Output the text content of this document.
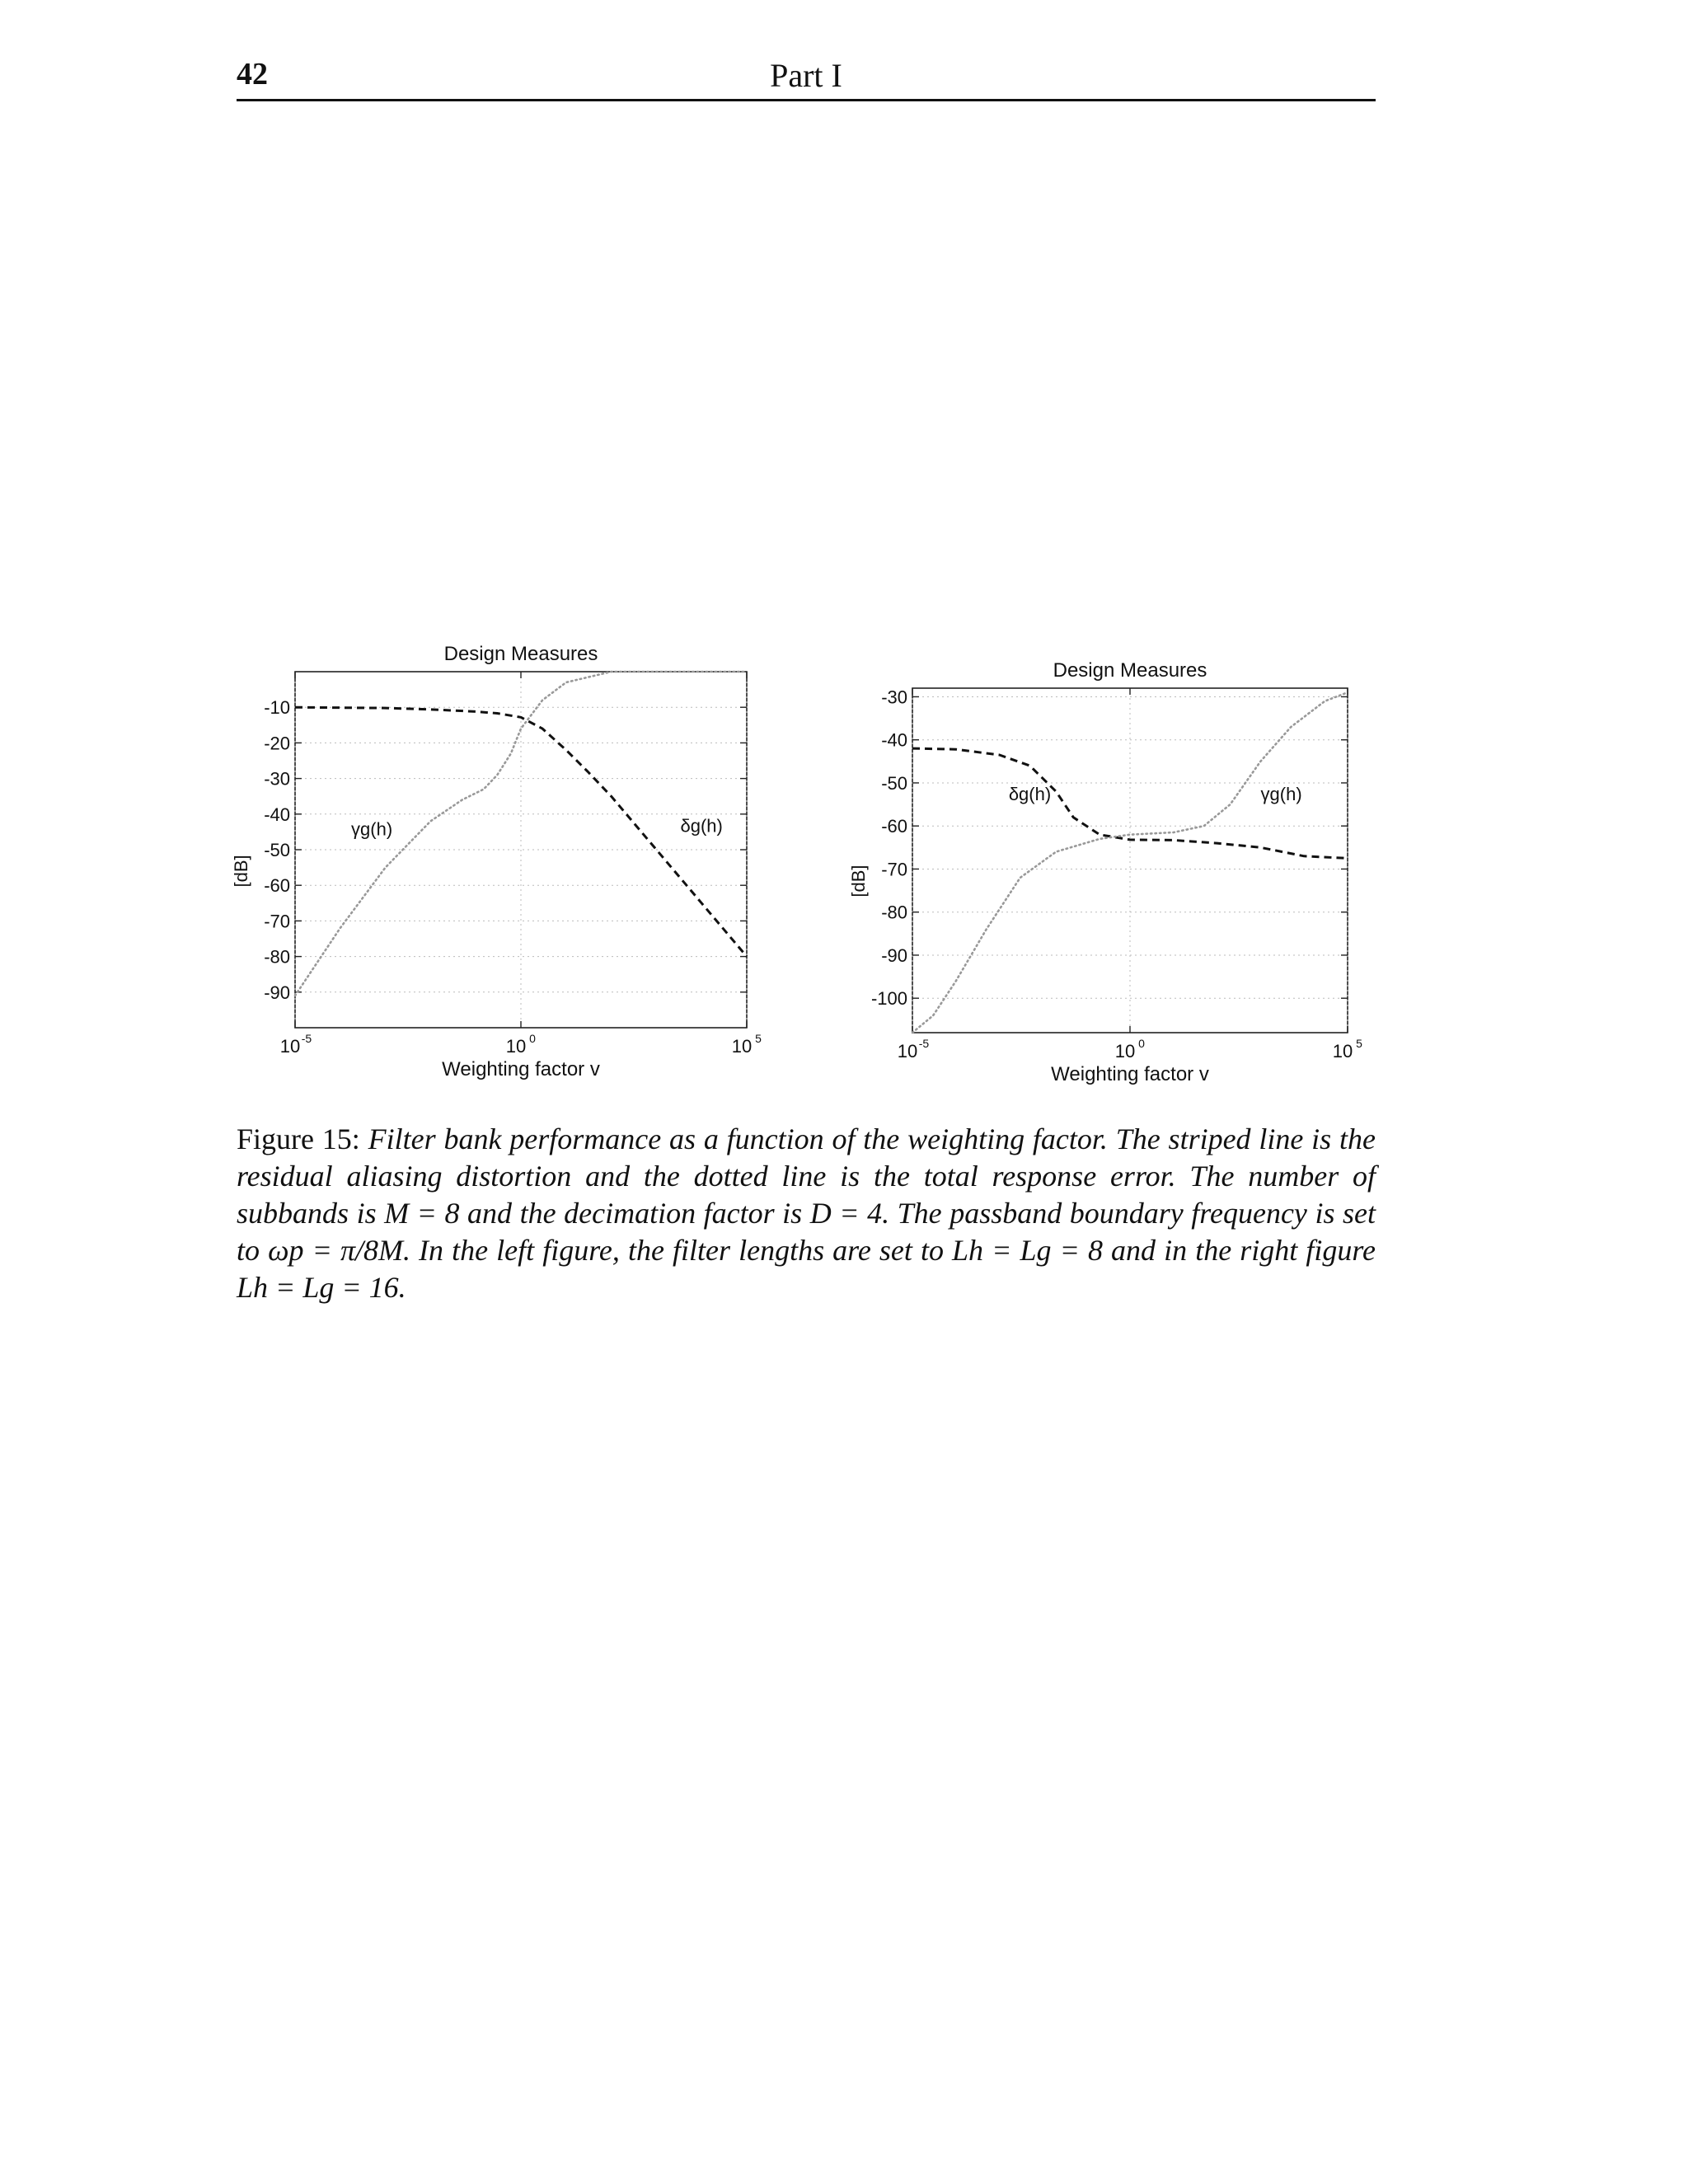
42	Part I
-10
-20
-30
-40
-50
-60
-70
-80
-90
10 -5	10 0	10 5
Design Measures
Weighting factor v
[dB]
δg(h)
γg(h)
-30
-40
-50
-60
-70
-80
-90
-100
10 -5	10 0	10 5
Design Measures
Weighting factor v
[dB]
δg(h)	γg(h)
Figure 15: Filter bank performance as a function of the weighting factor. The striped line is the residual aliasing distortion and the dotted line is the total response error. The number of subbands is M = 8 and the decimation factor is D = 4. The passband boundary frequency is set to ωp = π/8M. In the left figure, the filter lengths are set to Lh = Lg = 8 and in the right figure Lh = Lg = 16.
